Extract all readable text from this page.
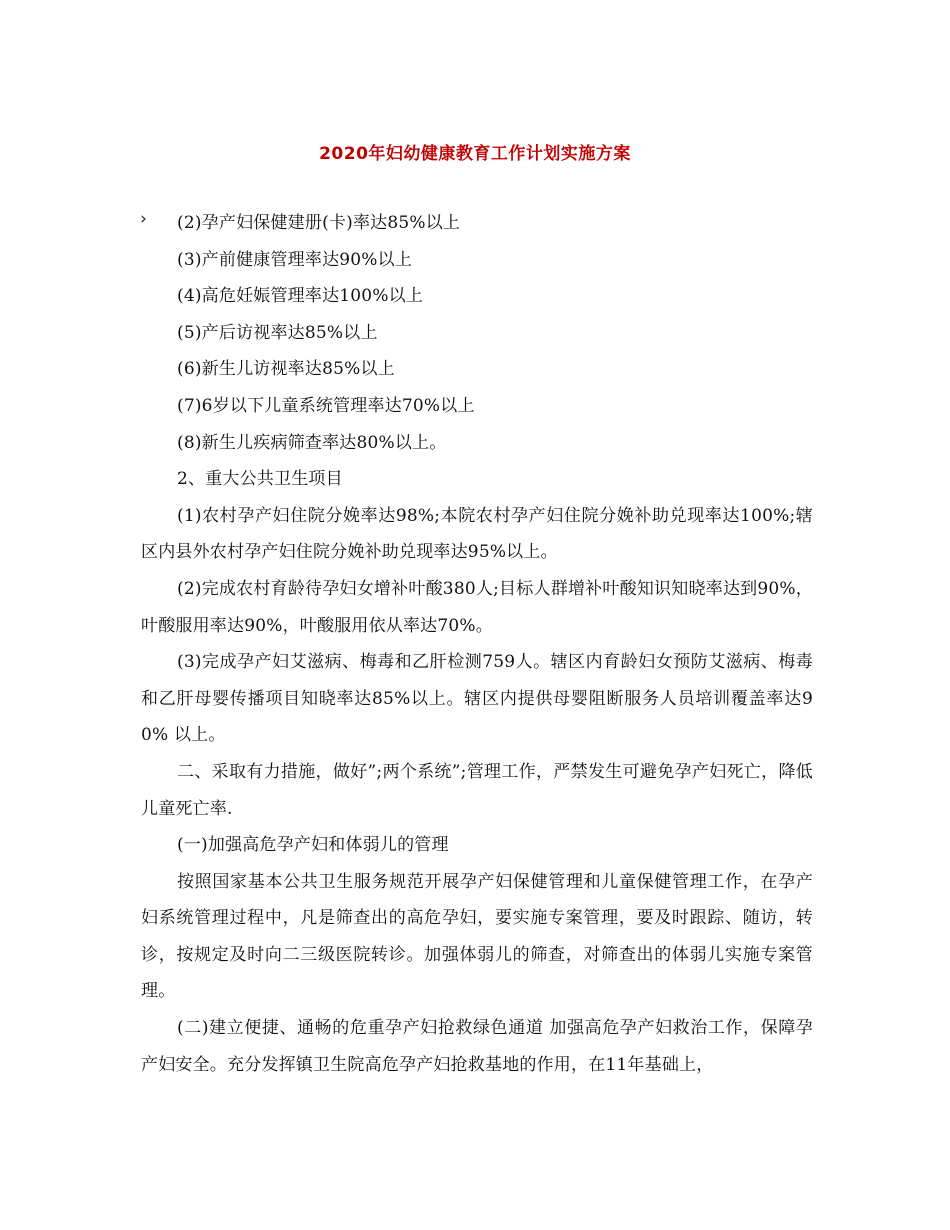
2020年妇幼健康教育工作计划实施方案
›	(2)孕产妇保健建册(卡)率达85%以上

(3)产前健康管理率达90%以上

(4)高危妊娠管理率达100%以上

(5)产后访视率达85%以上

(6)新生儿访视率达85%以上

(7)6岁以下儿童系统管理率达70%以上

(8)新生儿疾病筛查率达80%以上。

2、重大公共卫生项目

(1)农村孕产妇住院分娩率达98%;本院农村孕产妇住院分娩补助兑现率达100%;辖区内县外农村孕产妇住院分娩补助兑现率达95%以上。

(2)完成农村育龄待孕妇女增补叶酸380人;目标人群增补叶酸知识知晓率达到90%，叶酸服用率达90%，叶酸服用依从率达70%。

(3)完成孕产妇艾滋病、梅毒和乙肝检测759人。辖区内育龄妇女预防艾滋病、梅毒和乙肝母婴传播项目知晓率达85%以上。辖区内提供母婴阻断服务人员培训覆盖率达90% 以上。

二、采取有力措施，做好”;两个系统”;管理工作，严禁发生可避免孕产妇死亡，降低儿童死亡率.

(一)加强高危孕产妇和体弱儿的管理

按照国家基本公共卫生服务规范开展孕产妇保健管理和儿童保健管理工作，在孕产妇系统管理过程中，凡是筛查出的高危孕妇，要实施专案管理，要及时跟踪、随访，转诊，按规定及时向二三级医院转诊。加强体弱儿的筛查，对筛查出的体弱儿实施专案管理。

(二)建立便捷、通畅的危重孕产妇抢救绿色通道 加强高危孕产妇救治工作，保障孕产妇安全。充分发挥镇卫生院高危孕产妇抢救基地的作用，在11年基础上，
